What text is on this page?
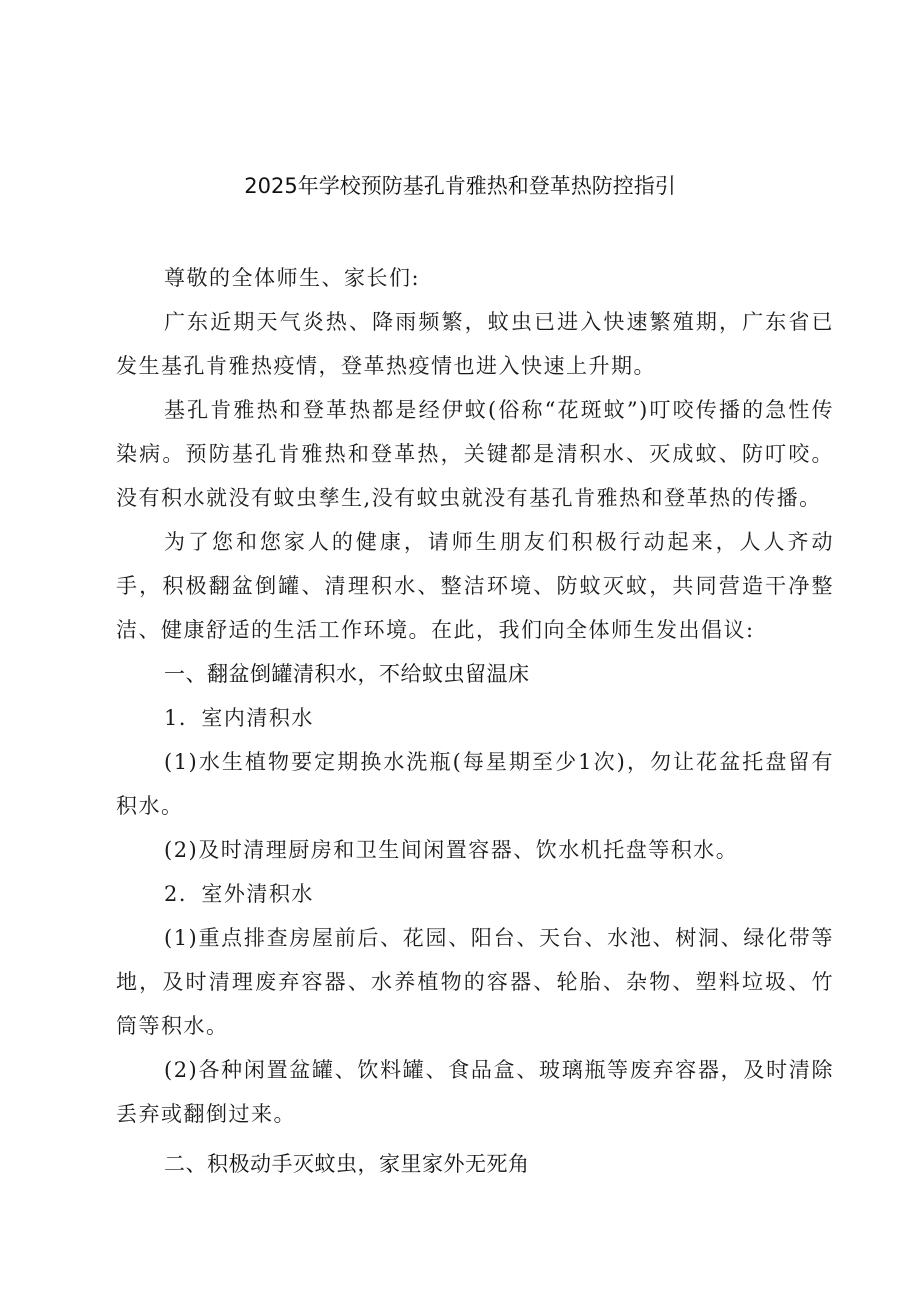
2025年学校预防基孔肯雅热和登革热防控指引

尊敬的全体师生、家长们:

广东近期天气炎热、降雨频繁，蚊虫已进入快速繁殖期，广东省已发生基孔肯雅热疫情，登革热疫情也进入快速上升期。

基孔肯雅热和登革热都是经伊蚊(俗称“花斑蚊”)叮咬传播的急性传染病。预防基孔肯雅热和登革热，关键都是清积水、灭成蚊、防叮咬。没有积水就没有蚊虫孳生,没有蚊虫就没有基孔肯雅热和登革热的传播。

为了您和您家人的健康，请师生朋友们积极行动起来，人人齐动手，积极翻盆倒罐、清理积水、整洁环境、防蚊灭蚊，共同营造干净整洁、健康舒适的生活工作环境。在此，我们向全体师生发出倡议:

一、翻盆倒罐清积水，不给蚊虫留温床

1．室内清积水

(1)水生植物要定期换水洗瓶(每星期至少1次)，勿让花盆托盘留有积水。

(2)及时清理厨房和卫生间闲置容器、饮水机托盘等积水。

2．室外清积水

(1)重点排查房屋前后、花园、阳台、天台、水池、树洞、绿化带等地，及时清理废弃容器、水养植物的容器、轮胎、杂物、塑料垃圾、竹筒等积水。

(2)各种闲置盆罐、饮料罐、食品盒、玻璃瓶等废弃容器，及时清除丢弃或翻倒过来。

二、积极动手灭蚊虫，家里家外无死角
